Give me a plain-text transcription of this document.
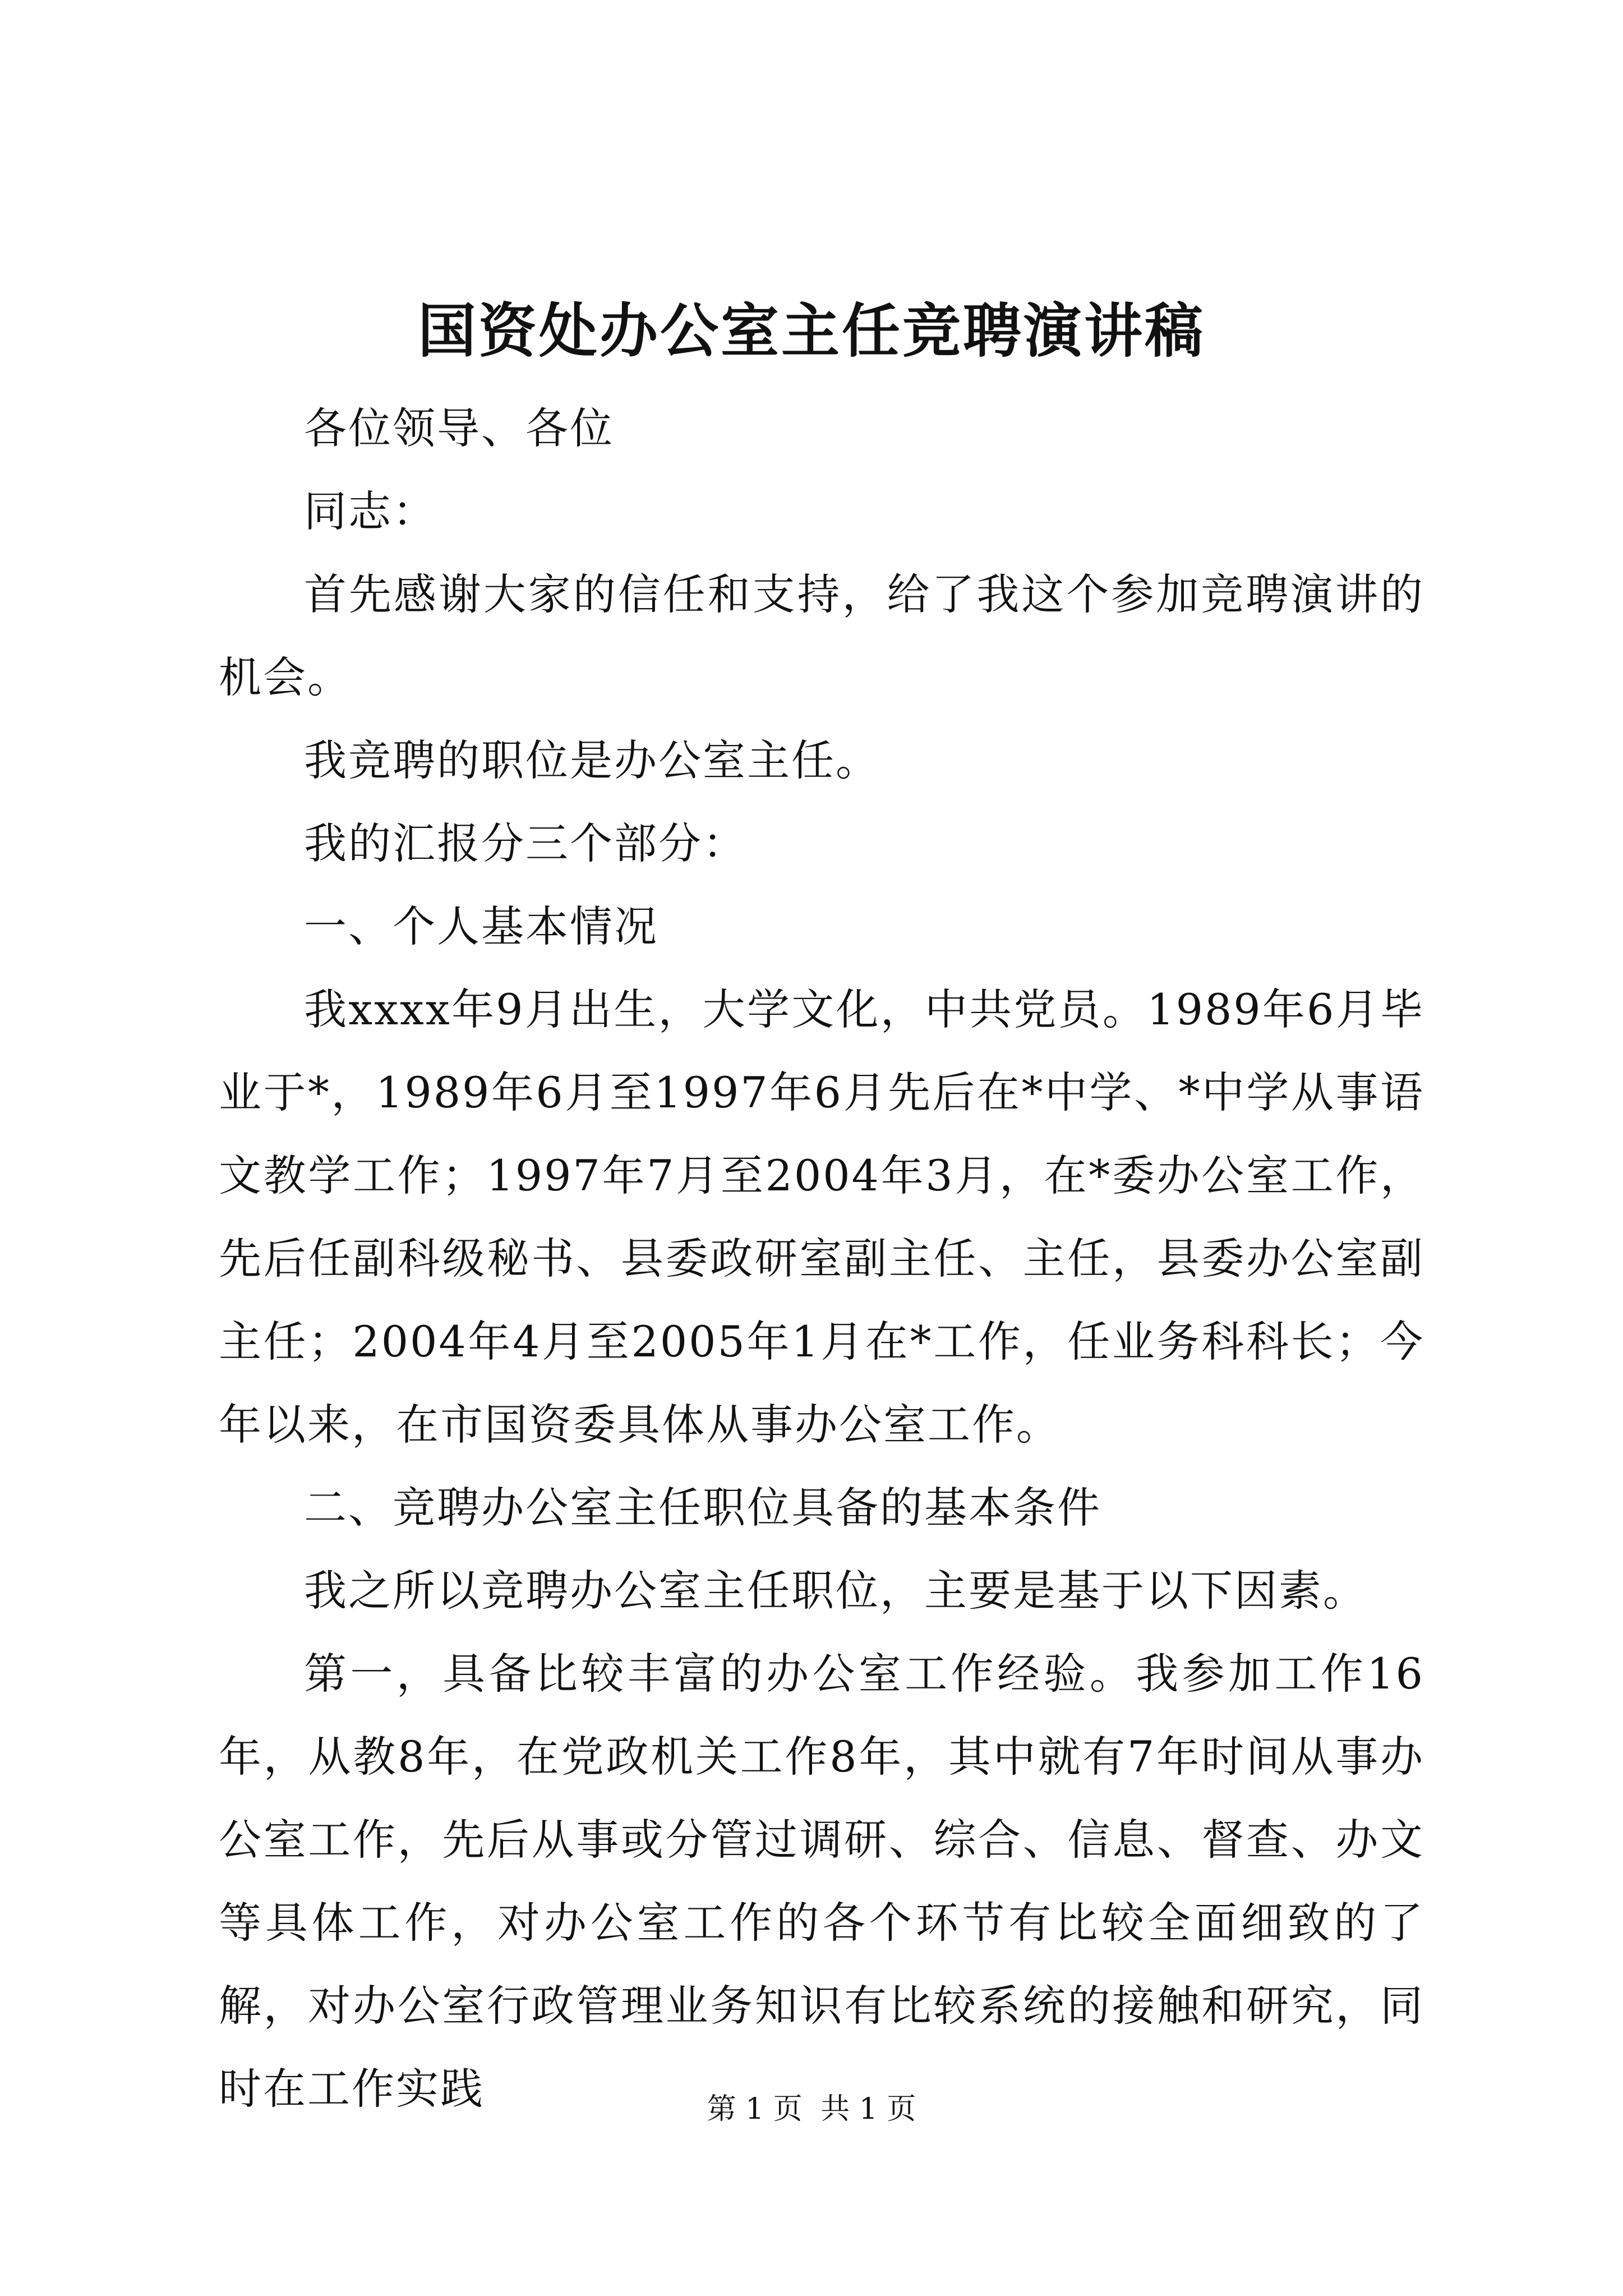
国资处办公室主任竞聘演讲稿

各位领导、各位

同志：

首先感谢大家的信任和支持，给了我这个参加竞聘演讲的机会。

我竞聘的职位是办公室主任。

我的汇报分三个部分：

一、个人基本情况

我xxxx年9月出生，大学文化，中共党员。1989年6月毕业于*，1989年6月至1997年6月先后在*中学、*中学从事语文教学工作；1997年7月至2004年3月，在*委办公室工作，先后任副科级秘书、县委政研室副主任、主任，县委办公室副主任；2004年4月至2005年1月在*工作，任业务科科长；今年以来，在市国资委具体从事办公室工作。

二、竞聘办公室主任职位具备的基本条件

我之所以竞聘办公室主任职位，主要是基于以下因素。

第一，具备比较丰富的办公室工作经验。我参加工作16年，从教8年，在党政机关工作8年，其中就有7年时间从事办公室工作，先后从事或分管过调研、综合、信息、督查、办文等具体工作，对办公室工作的各个环节有比较全面细致的了解，对办公室行政管理业务知识有比较系统的接触和研究，同时在工作实践	第 1 页 共 1 页
